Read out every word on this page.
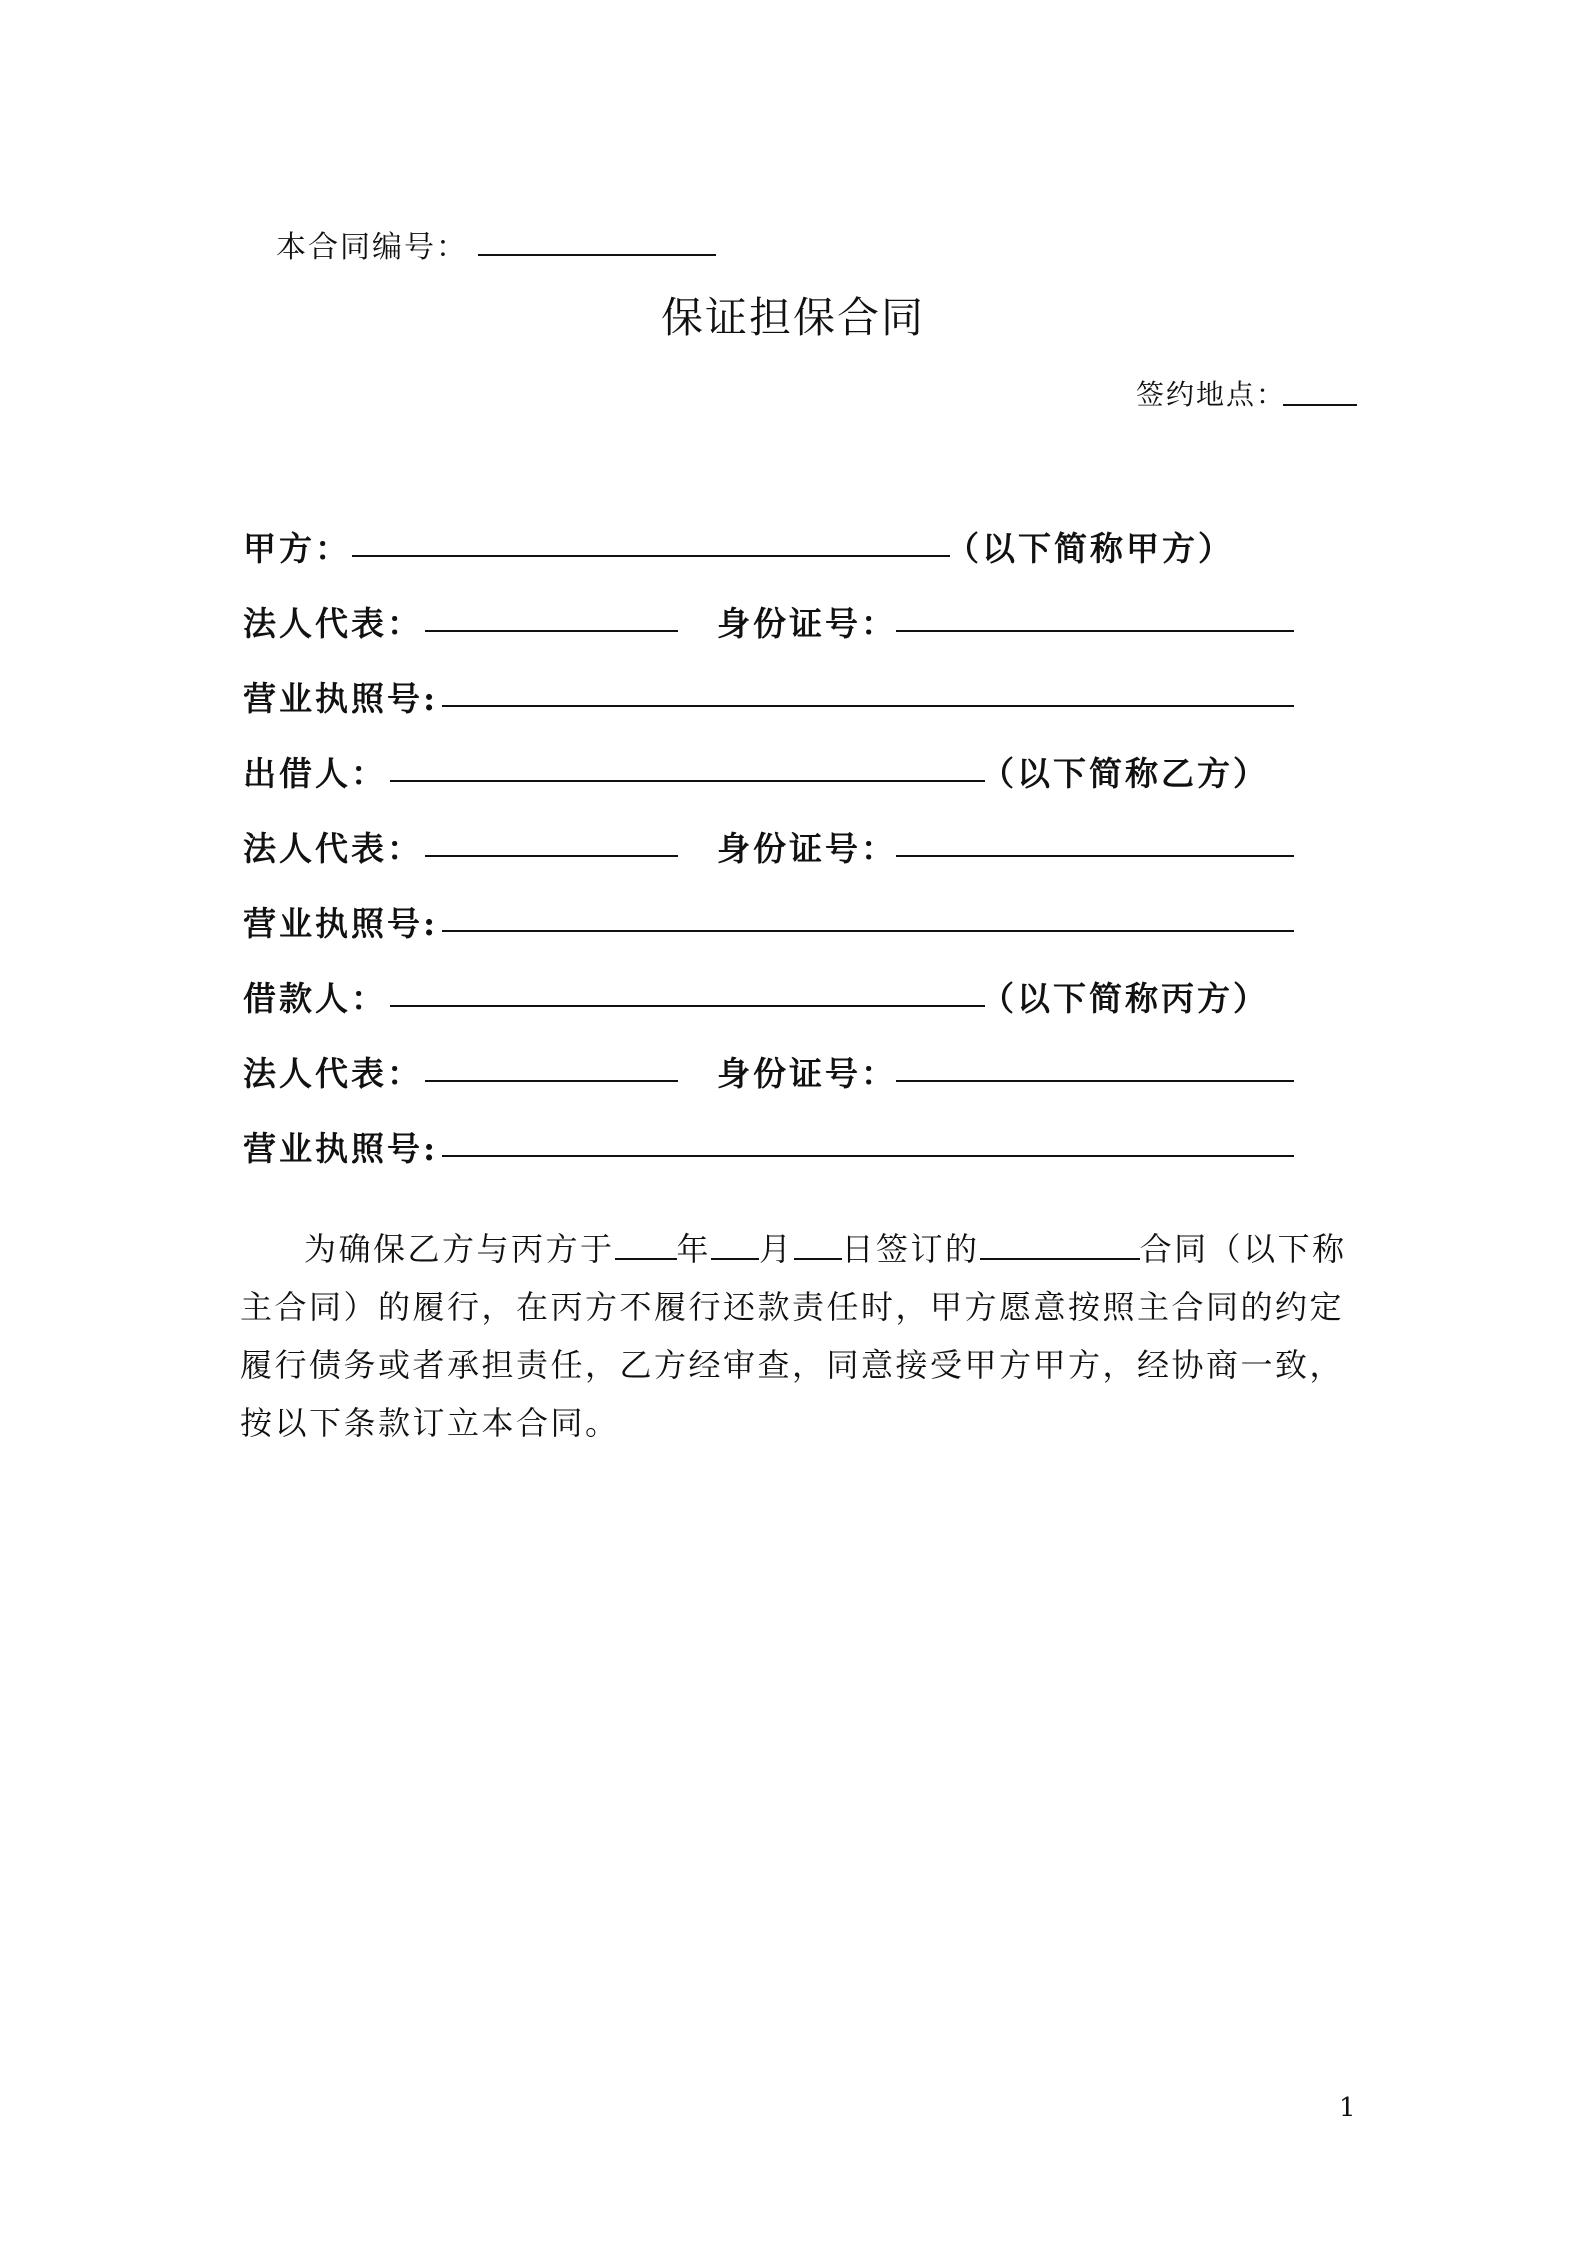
本合同编号：
保证担保合同
签约地点：
甲方：	（以下简称甲方）
法人代表：	身份证号：
营业执照号:
出借人：	（以下简称乙方）
法人代表：	身份证号：
营业执照号:
借款人：	（以下简称丙方）
法人代表：	身份证号：
营业执照号:
为确保乙方与丙方于 年 月 日签订的	合同（以下称主合同）的履行，在丙方不履行还款责任时，甲方愿意按照主合同的约定履行债务或者承担责任，乙方经审查，同意接受甲方甲方，经协商一致，按以下条款订立本合同。
1
